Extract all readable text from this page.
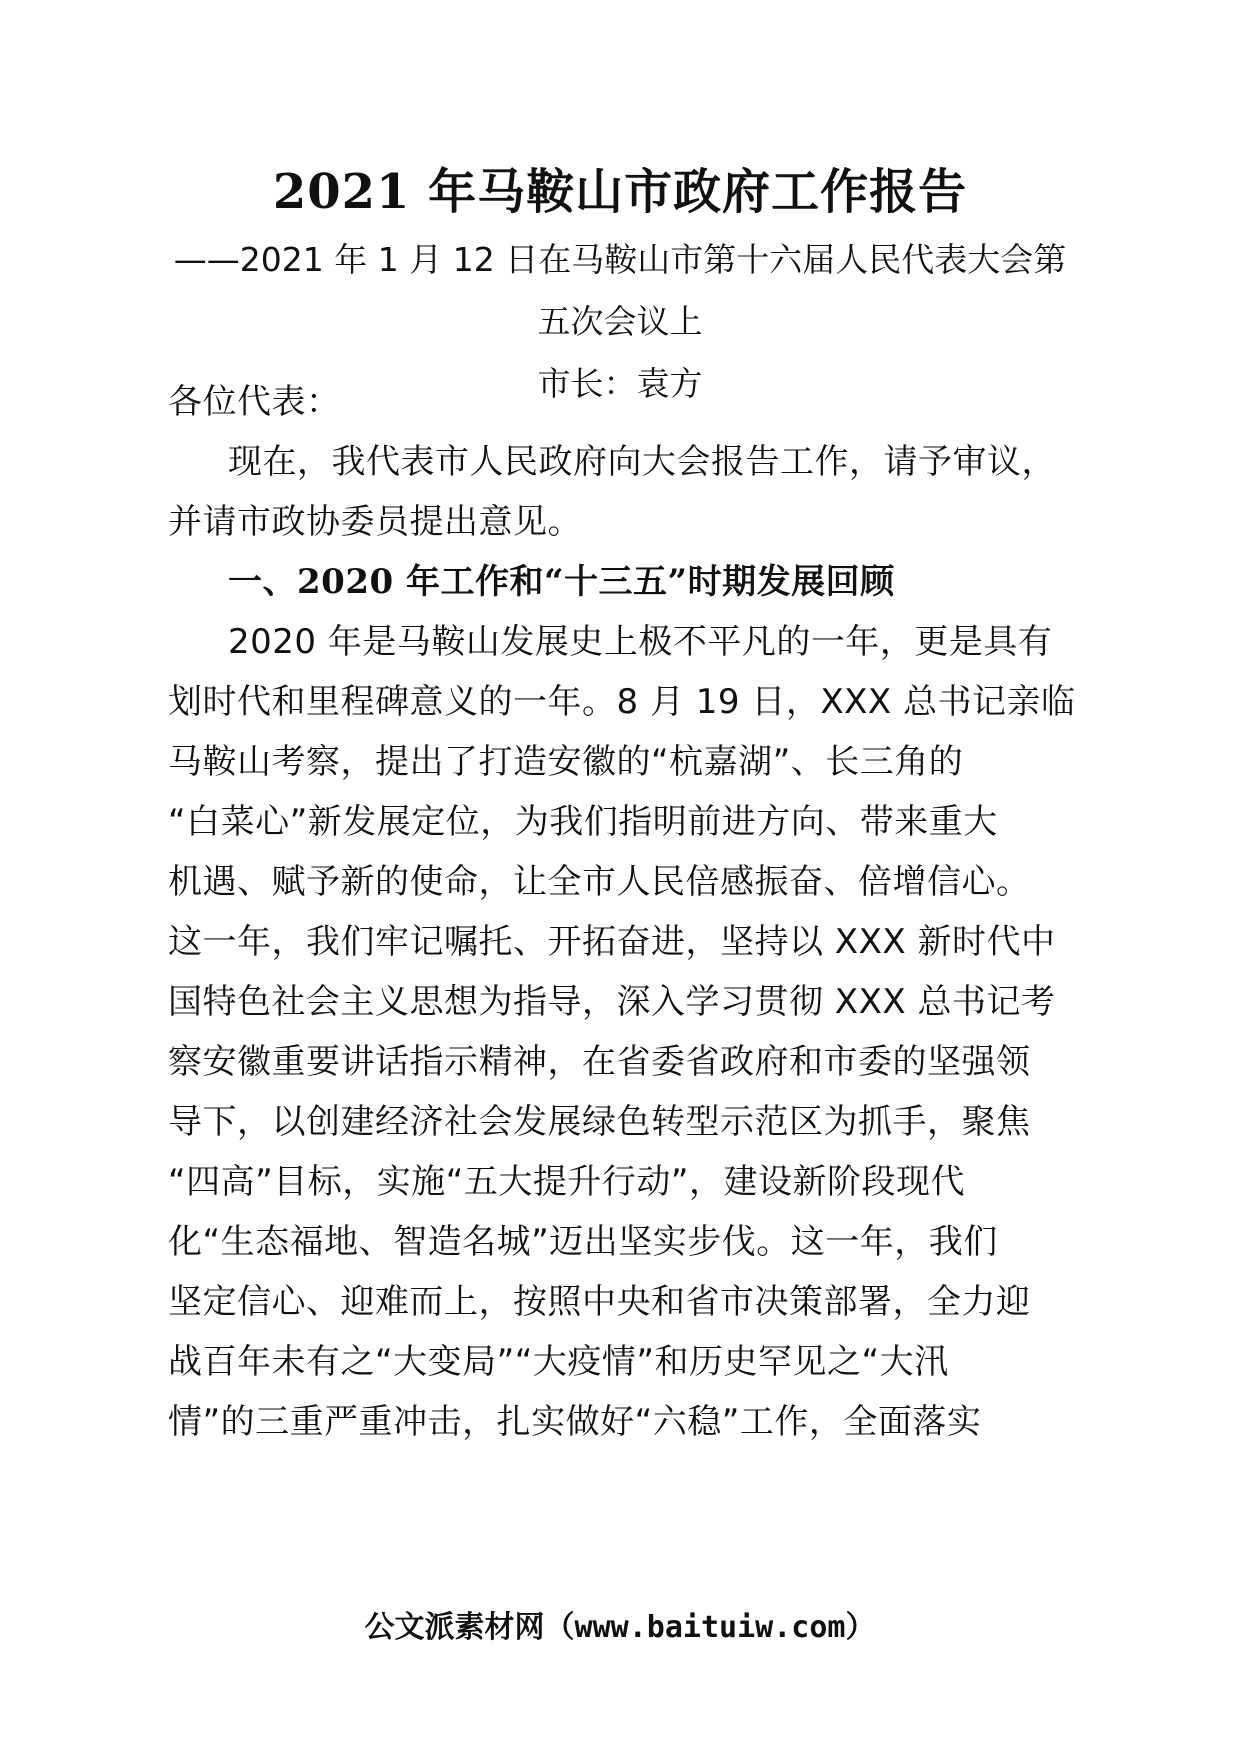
2021 年马鞍山市政府工作报告
——2021 年 1 月 12 日在马鞍山市第十六届人民代表大会第
五次会议上
市长：袁方
各位代表：
现在，我代表市人民政府向大会报告工作，请予审议，
并请市政协委员提出意见。
一、2020 年工作和“十三五”时期发展回顾
2020 年是马鞍山发展史上极不平凡的一年，更是具有
划时代和里程碑意义的一年。8 月 19 日，XXX 总书记亲临
马鞍山考察，提出了打造安徽的“杭嘉湖”、长三角的
“白菜心”新发展定位，为我们指明前进方向、带来重大
机遇、赋予新的使命，让全市人民倍感振奋、倍增信心。
这一年，我们牢记嘱托、开拓奋进，坚持以 XXX 新时代中
国特色社会主义思想为指导，深入学习贯彻 XXX 总书记考
察安徽重要讲话指示精神，在省委省政府和市委的坚强领
导下，以创建经济社会发展绿色转型示范区为抓手，聚焦
“四高”目标，实施“五大提升行动”，建设新阶段现代
化“生态福地、智造名城”迈出坚实步伐。这一年，我们
坚定信心、迎难而上，按照中央和省市决策部署，全力迎
战百年未有之“大变局”“大疫情”和历史罕见之“大汛
情”的三重严重冲击，扎实做好“六稳”工作，全面落实
公文派素材网（www.baituiw.com）
